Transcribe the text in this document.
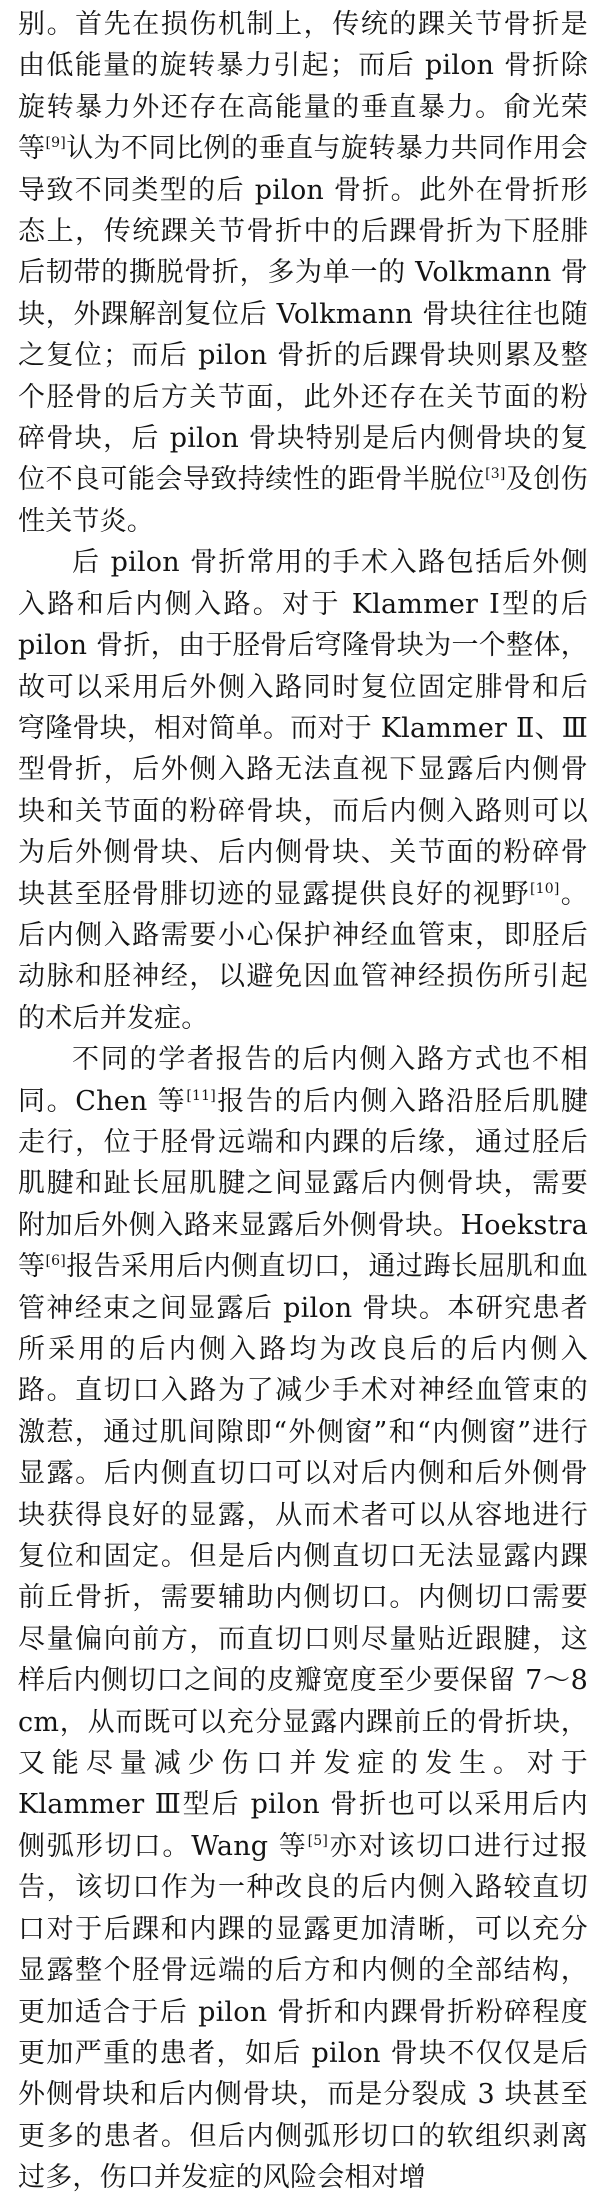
别。首先在损伤机制上，传统的踝关节骨折是由低能量的旋转暴力引起；而后 pilon 骨折除旋转暴力外还存在高能量的垂直暴力。俞光荣等[9]认为不同比例的垂直与旋转暴力共同作用会导致不同类型的后 pilon 骨折。此外在骨折形态上，传统踝关节骨折中的后踝骨折为下胫腓后韧带的撕脱骨折，多为单一的 Volkmann 骨块，外踝解剖复位后 Volkmann 骨块往往也随之复位；而后 pilon 骨折的后踝骨块则累及整个胫骨的后方关节面，此外还存在关节面的粉碎骨块，后 pilon 骨块特别是后内侧骨块的复位不良可能会导致持续性的距骨半脱位[3]及创伤性关节炎。

后 pilon 骨折常用的手术入路包括后外侧入路和后内侧入路。对于 Klammer Ⅰ型的后 pilon 骨折，由于胫骨后穹隆骨块为一个整体，故可以采用后外侧入路同时复位固定腓骨和后穹隆骨块，相对简单。而对于 Klammer Ⅱ、Ⅲ型骨折，后外侧入路无法直视下显露后内侧骨块和关节面的粉碎骨块，而后内侧入路则可以为后外侧骨块、后内侧骨块、关节面的粉碎骨块甚至胫骨腓切迹的显露提供良好的视野[10]。后内侧入路需要小心保护神经血管束，即胫后动脉和胫神经，以避免因血管神经损伤所引起的术后并发症。

不同的学者报告的后内侧入路方式也不相同。Chen 等[11]报告的后内侧入路沿胫后肌腱走行，位于胫骨远端和内踝的后缘，通过胫后肌腱和趾长屈肌腱之间显露后内侧骨块，需要附加后外侧入路来显露后外侧骨块。Hoekstra 等[6]报告采用后内侧直切口，通过踇长屈肌和血管神经束之间显露后 pilon 骨块。本研究患者所采用的后内侧入路均为改良后的后内侧入路。直切口入路为了减少手术对神经血管束的激惹，通过肌间隙即“外侧窗”和“内侧窗”进行显露。后内侧直切口可以对后内侧和后外侧骨块获得良好的显露，从而术者可以从容地进行复位和固定。但是后内侧直切口无法显露内踝前丘骨折，需要辅助内侧切口。内侧切口需要尽量偏向前方，而直切口则尽量贴近跟腱，这样后内侧切口之间的皮瓣宽度至少要保留 7～8 cm，从而既可以充分显露内踝前丘的骨折块，又能尽量减少伤口并发症的发生。对于 Klammer Ⅲ型后 pilon 骨折也可以采用后内侧弧形切口。Wang 等[5]亦对该切口进行过报告，该切口作为一种改良的后内侧入路较直切口对于后踝和内踝的显露更加清晰，可以充分显露整个胫骨远端的后方和内侧的全部结构，更加适合于后 pilon 骨折和内踝骨折粉碎程度更加严重的患者，如后 pilon 骨块不仅仅是后外侧骨块和后内侧骨块，而是分裂成 3 块甚至更多的患者。但后内侧弧形切口的软组织剥离过多，伤口并发症的风险会相对增
